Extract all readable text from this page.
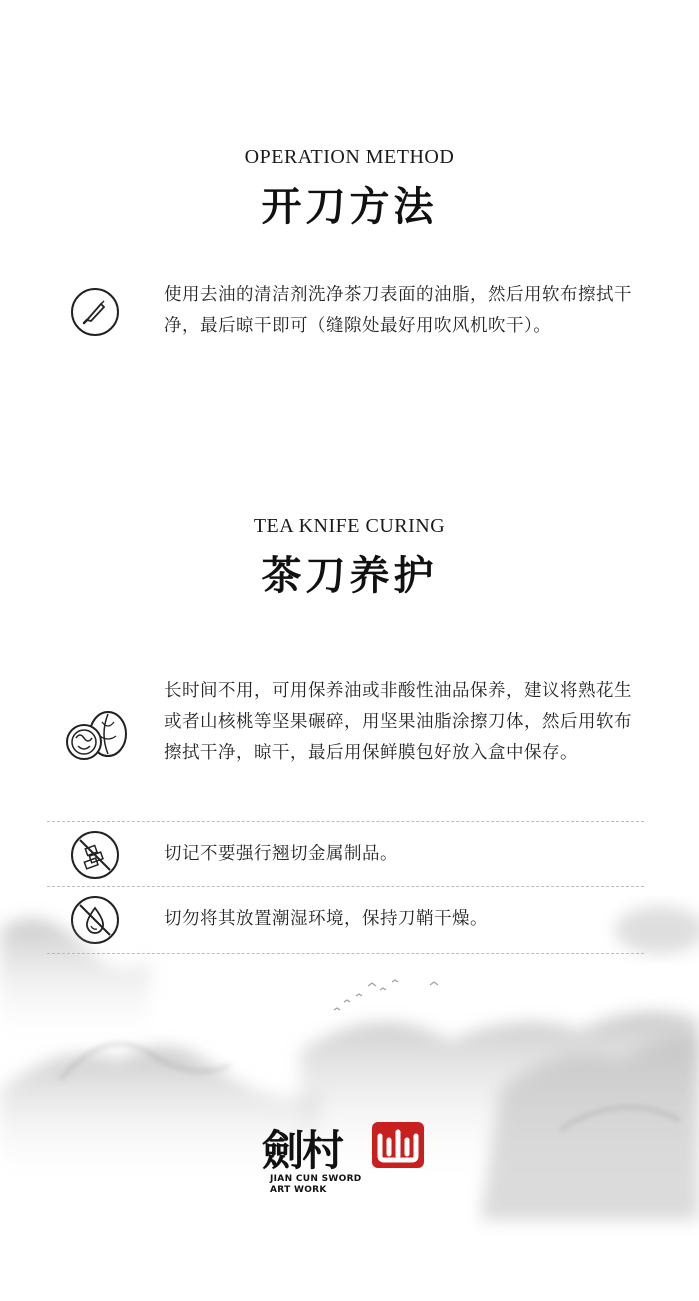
OPERATION METHOD
开刀方法
使用去油的清洁剂洗净茶刀表面的油脂，然后用软布擦拭干净，最后晾干即可（缝隙处最好用吹风机吹干）。
TEA KNIFE CURING
茶刀养护
长时间不用，可用保养油或非酸性油品保养，建议将熟花生或者山核桃等坚果碾碎，用坚果油脂涂擦刀体，然后用软布擦拭干净，晾干，最后用保鲜膜包好放入盒中保存。
切记不要强行翘切金属制品。
切勿将其放置潮湿环境，保持刀鞘干燥。
劍村
JIAN CUN SWORD
ART WORK
